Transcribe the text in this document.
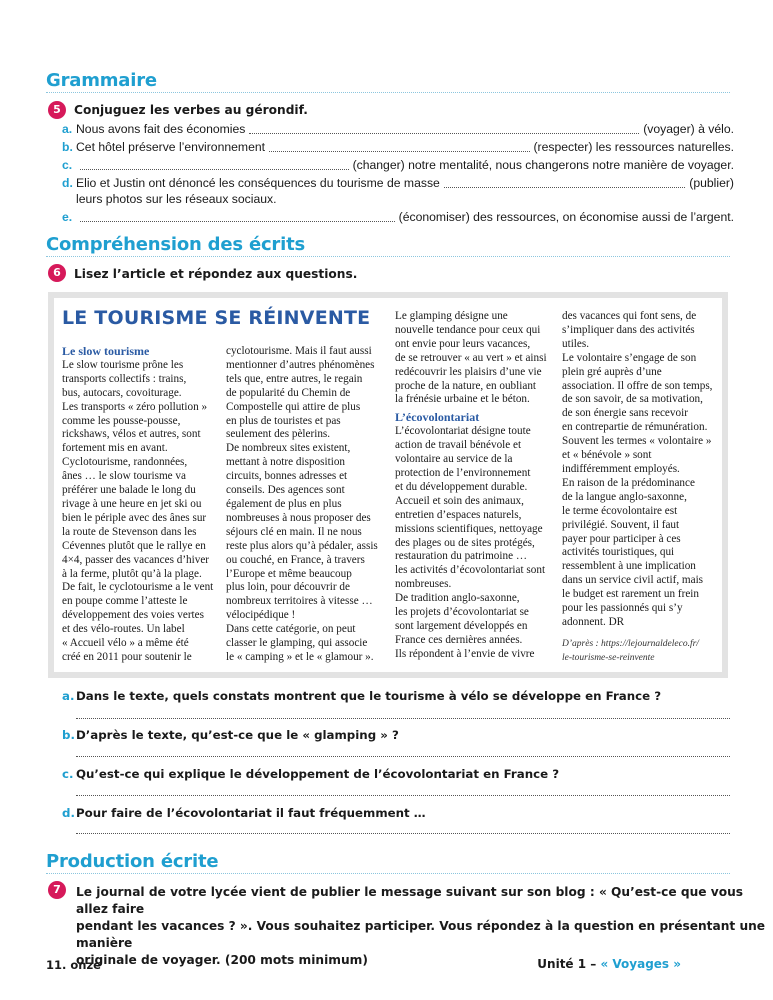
Grammaire
5	Conjuguez les verbes au gérondif.
a. Nous avons fait des économies	(voyager) à vélo.
b. Cet hôtel préserve l’environnement	(respecter) les ressources naturelles.
c.	(changer) notre mentalité, nous changerons notre manière de voyager.
d. Elio et Justin ont dénoncé les conséquences du tourisme de masse	(publier)
leurs photos sur les réseaux sociaux.
e.	(économiser) des ressources, on économise aussi de l’argent.
Compréhension des écrits
6	Lisez l’article et répondez aux questions.
LE TOURISME SE RÉINVENTE
Le slow tourisme
Le slow tourisme prône les
transports collectifs : trains,
bus, autocars, covoiturage.
Les transports « zéro pollution »
comme les pousse-pousse,
rickshaws, vélos et autres, sont
fortement mis en avant.
Cyclotourisme, randonnées,
ânes … le slow tourisme va
préférer une balade le long du
rivage à une heure en jet ski ou
bien le périple avec des ânes sur
la route de Stevenson dans les
Cévennes plutôt que le rallye en
4×4, passer des vacances d’hiver
à la ferme, plutôt qu’à la plage.
De fait, le cyclotourisme a le vent
en poupe comme l’atteste le
développement des voies vertes
et des vélo-routes. Un label
« Accueil vélo » a même été
créé en 2011 pour soutenir le
cyclotourisme. Mais il faut aussi
mentionner d’autres phénomènes
tels que, entre autres, le regain
de popularité du Chemin de
Compostelle qui attire de plus
en plus de touristes et pas
seulement des pèlerins.
De nombreux sites existent,
mettant à notre disposition
circuits, bonnes adresses et
conseils. Des agences sont
également de plus en plus
nombreuses à nous proposer des
séjours clé en main. Il ne nous
reste plus alors qu’à pédaler, assis
ou couché, en France, à travers
l’Europe et même beaucoup
plus loin, pour découvrir de
nombreux territoires à vitesse …
vélocipédique !
Dans cette catégorie, on peut
classer le glamping, qui associe
le « camping » et le « glamour ».
Le glamping désigne une
nouvelle tendance pour ceux qui
ont envie pour leurs vacances,
de se retrouver « au vert » et ainsi
redécouvrir les plaisirs d’une vie
proche de la nature, en oubliant
la frénésie urbaine et le béton.
L’écovolontariat
L’écovolontariat désigne toute
action de travail bénévole et
volontaire au service de la
protection de l’environnement
et du développement durable.
Accueil et soin des animaux,
entretien d’espaces naturels,
missions scientifiques, nettoyage
des plages ou de sites protégés,
restauration du patrimoine …
les activités d’écovolontariat sont
nombreuses.
De tradition anglo-saxonne,
les projets d’écovolontariat se
sont largement développés en
France ces dernières années.
Ils répondent à l’envie de vivre
des vacances qui font sens, de
s’impliquer dans des activités
utiles.
Le volontaire s’engage de son
plein gré auprès d’une
association. Il offre de son temps,
de son savoir, de sa motivation,
de son énergie sans recevoir
en contrepartie de rémunération.
Souvent les termes « volontaire »
et « bénévole » sont
indifféremment employés.
En raison de la prédominance
de la langue anglo-saxonne,
le terme écovolontaire est
privilégié. Souvent, il faut
payer pour participer à ces
activités touristiques, qui
ressemblent à une implication
dans un service civil actif, mais
le budget est rarement un frein
pour les passionnés qui s’y
adonnent. DR
D’après : https://lejournaldeleco.fr/
le-tourisme-se-reinvente
a. Dans le texte, quels constats montrent que le tourisme à vélo se développe en France ?
b.D’après le texte, qu’est-ce que le « glamping » ?
c. Qu’est-ce qui explique le développement de l’écovolontariat en France ?
d.Pour faire de l’écovolontariat il faut fréquemment …
Production écrite
7	Le journal de votre lycée vient de publier le message suivant sur son blog : « Qu’est-ce que vous allez faire
pendant les vacances ? ». Vous souhaitez participer. Vous répondez à la question en présentant une manière
originale de voyager. (200 mots minimum)
11. onze	Unité 1 – « Voyages »
